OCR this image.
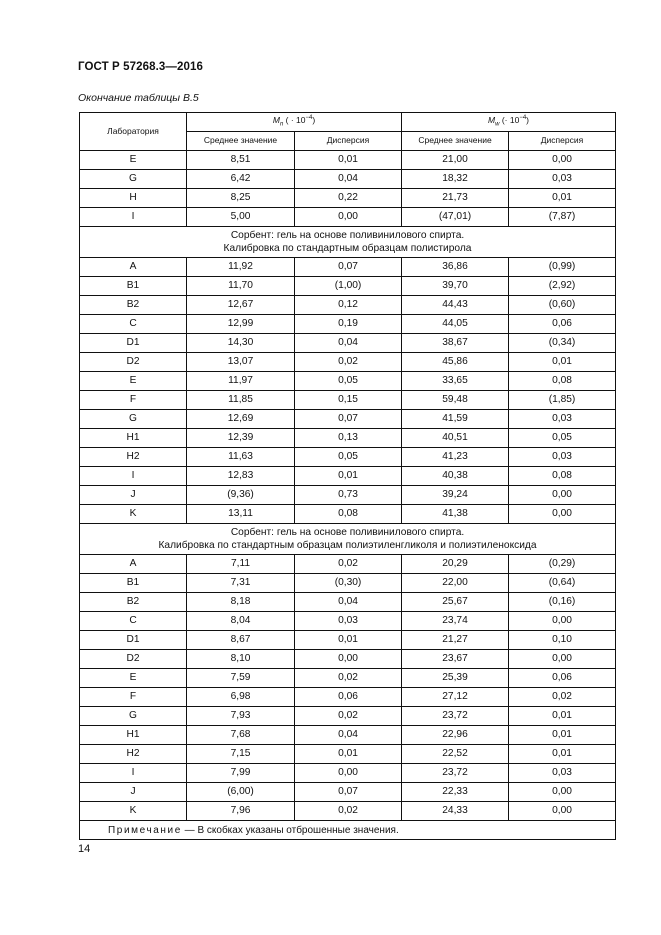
ГОСТ Р 57268.3—2016
Окончание таблицы В.5
Лаборатория	$M_n$ ( · $10^{-4}$)		$M_w$ (· $10^{-4}$)	
	Среднее значение	Дисперсия	Среднее значение	Дисперсия
E	8,51	0,01	21,00	0,00
G	6,42	0,04	18,32	0,03
H	8,25	0,22	21,73	0,01
I	5,00	0,00	(47,01)	(7,87)
Сорбент: гель на основе поливинилового спирта.
Калибровка по стандартным образцам полистирола				
A	11,92	0,07	36,86	(0,99)
B1	11,70	(1,00)	39,70	(2,92)
B2	12,67	0,12	44,43	(0,60)
C	12,99	0,19	44,05	0,06
D1	14,30	0,04	38,67	(0,34)
D2	13,07	0,02	45,86	0,01
E	11,97	0,05	33,65	0,08
F	11,85	0,15	59,48	(1,85)
G	12,69	0,07	41,59	0,03
H1	12,39	0,13	40,51	0,05
H2	11,63	0,05	41,23	0,03
I	12,83	0,01	40,38	0,08
J	(9,36)	0,73	39,24	0,00
K	13,11	0,08	41,38	0,00
Сорбент: гель на основе поливинилового спирта.
Калибровка по стандартным образцам полиэтиленгликоля и полиэтиленоксида				
A	7,11	0,02	20,29	(0,29)
B1	7,31	(0,30)	22,00	(0,64)
B2	8,18	0,04	25,67	(0,16)
C	8,04	0,03	23,74	0,00
D1	8,67	0,01	21,27	0,10
D2	8,10	0,00	23,67	0,00
E	7,59	0,02	25,39	0,06
F	6,98	0,06	27,12	0,02
G	7,93	0,02	23,72	0,01
H1	7,68	0,04	22,96	0,01
H2	7,15	0,01	22,52	0,01
I	7,99	0,00	23,72	0,03
J	(6,00)	0,07	22,33	0,00
K	7,96	0,02	24,33	0,00
Примечание — В скобках указаны отброшенные значения.				
14
